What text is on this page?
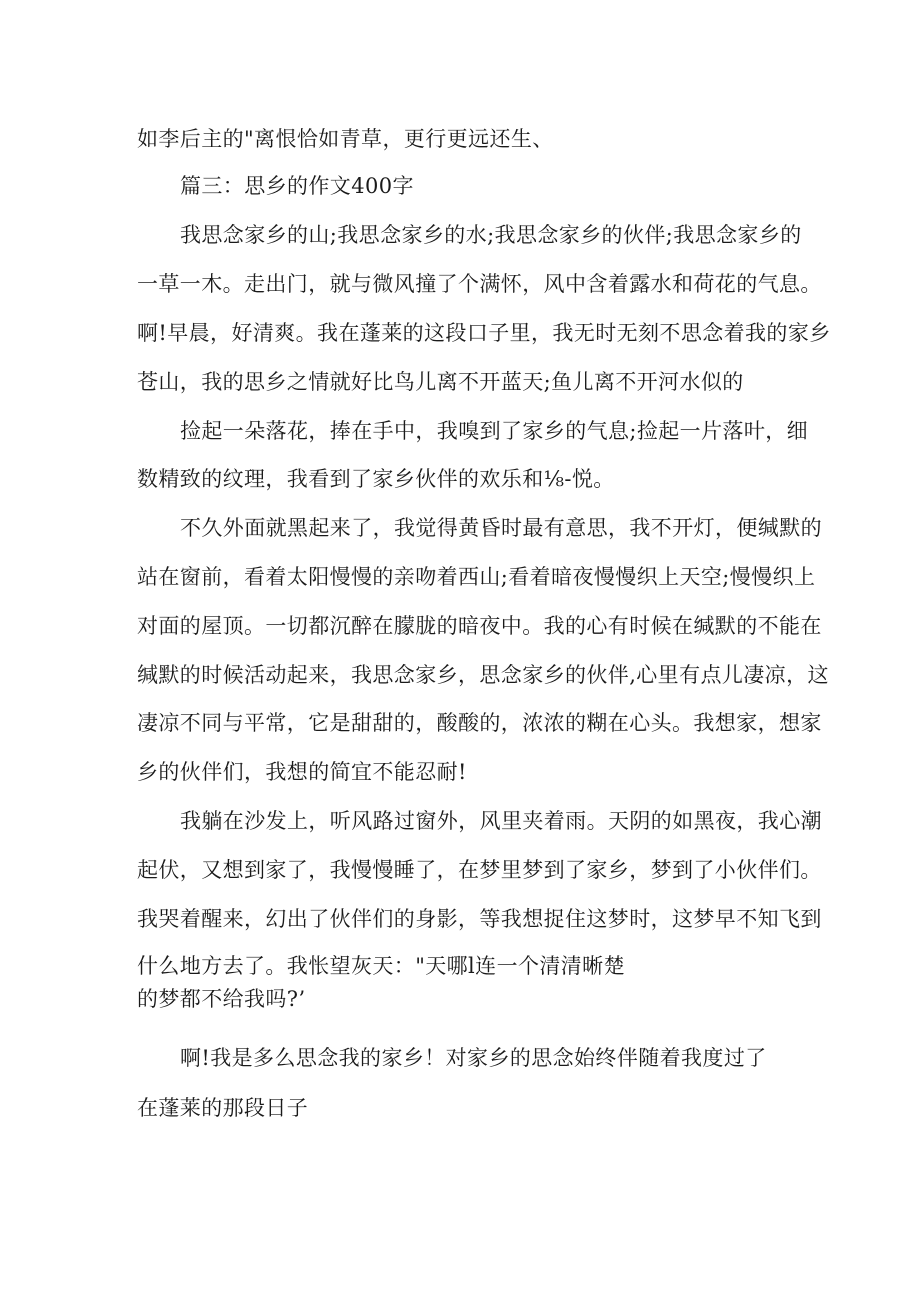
如李后主的"离恨恰如青草，更行更远还生、
篇三：思乡的作文400字
我思念家乡的山;我思念家乡的水;我思念家乡的伙伴;我思念家乡的
一草一木。走出门，就与微风撞了个满怀，风中含着露水和荷花的气息。
啊!早晨，好清爽。我在蓬莱的这段口子里，我无时无刻不思念着我的家乡
苍山，我的思乡之情就好比鸟儿离不开蓝天;鱼儿离不开河水似的
捡起一朵落花，捧在手中，我嗅到了家乡的气息;捡起一片落叶，细
数精致的纹理，我看到了家乡伙伴的欢乐和⅛-悦。
不久外面就黑起来了，我觉得黄昏时最有意思，我不开灯，便缄默的
站在窗前，看着太阳慢慢的亲吻着西山;看着暗夜慢慢织上天空;慢慢织上
对面的屋顶。一切都沉醉在朦胧的暗夜中。我的心有时候在缄默的不能在
缄默的时候活动起来，我思念家乡，思念家乡的伙伴,心里有点儿凄凉，这
凄凉不同与平常，它是甜甜的，酸酸的，浓浓的糊在心头。我想家，想家
乡的伙伴们，我想的简宜不能忍耐!
我躺在沙发上，听风路过窗外，风里夹着雨。天阴的如黑夜，我心潮
起伏，又想到家了，我慢慢睡了，在梦里梦到了家乡，梦到了小伙伴们。
我哭着醒来，幻出了伙伴们的身影，等我想捉住这梦时，这梦早不知飞到
什么地方去了。我怅望灰天："天哪l连一个清清晰楚
的梦都不给我吗?’
啊!我是多么思念我的家乡！对家乡的思念始终伴随着我度过了
在蓬莱的那段日子
